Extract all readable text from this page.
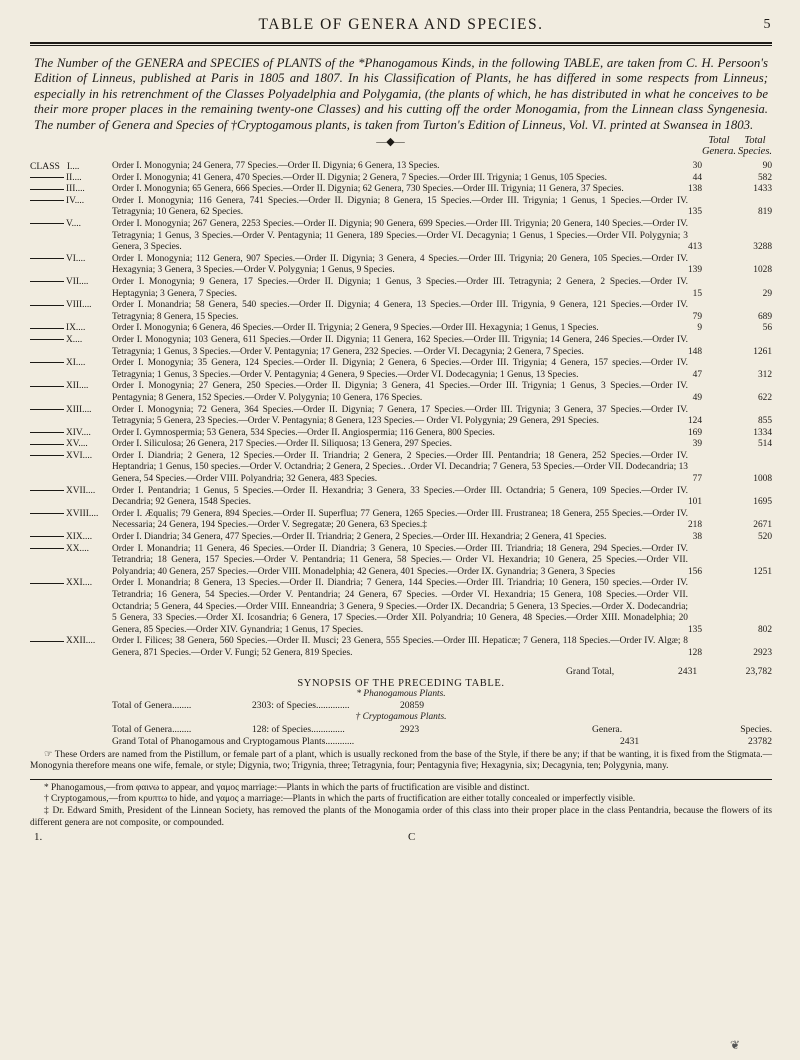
TABLE OF GENERA AND SPECIES.	5
The Number of the GENERA and SPECIES of PLANTS of the *Phanogamous Kinds, in the following TABLE, are taken from C. H. Persoon's Edition of Linneus, published at Paris in 1805 and 1807. In his Classification of Plants, he has differed in some respects from Linneus; especially in his retrenchment of the Classes Polyadelphia and Polygamia, (the plants of which, he has distributed in what he conceives to be their more proper places in the remaining twenty-one Classes) and his cutting off the order Monogamia, from the Linnean class Syngenesia. The number of Genera and Species of †Cryptogamous plants, is taken from Turton's Edition of Linneus, Vol. VI. printed at Swansea in 1803.
—◆—	Total
Genera.
Total
Species.
CLASS I....	Order I. Monogynia; 24 Genera, 77 Species.—Order II. Digynia; 6 Genera, 13 Species.	30	90
II....	Order I. Monogynia; 41 Genera, 470 Species.—Order II. Digynia; 2 Genera, 7 Species.—Order III. Trigynia; 1 Genus, 105 Species.	44	582
III....	Order I. Monogynia; 65 Genera, 666 Species.—Order II. Digynia; 62 Genera, 730 Species.—Order III. Trigynia; 11 Genera, 37 Species.	138	1433
IV....	Order I. Monogynia; 116 Genera, 741 Species.—Order II. Digynia; 8 Genera, 15 Species.—Order III. Trigynia; 1 Genus, 1 Species.—Order IV. Tetragynia; 10 Genera, 62 Species.	135	819
V....	Order I. Monogynia; 267 Genera, 2253 Species.—Order II. Digynia; 90 Genera, 699 Species.—Order III. Trigynia; 20 Genera, 140 Species.—Order IV. Tetragynia; 1 Genus, 3 Species.—Order V. Pentagynia; 11 Genera, 189 Species.—Order VI. Decagynia; 1 Genus, 1 Species.—Order VII. Polygynia; 3 Genera, 3 Species.	413	3288
VI....	Order I. Monogynia; 112 Genera, 907 Species.—Order II. Digynia; 3 Genera, 4 Species.—Order III. Trigynia; 20 Genera, 105 Species.—Order IV. Hexagynia; 3 Genera, 3 Species.—Order V. Polygynia; 1 Genus, 9 Species.	139	1028
VII....	Order I. Monogynia; 9 Genera, 17 Species.—Order II. Digynia; 1 Genus, 3 Species.—Order III. Tetragynia; 2 Genera, 2 Species.—Order IV. Heptagynia; 3 Genera, 7 Species.	15	29
VIII....	Order I. Monandria; 58 Genera, 540 species.—Order II. Digynia; 4 Genera, 13 Species.—Order III. Trigynia, 9 Genera, 121 Species.—Order IV. Tetragynia; 8 Genera, 15 Species.	79	689
IX....	Order I. Monogynia; 6 Genera, 46 Species.—Order II. Trigynia; 2 Genera, 9 Species.—Order III. Hexagynia; 1 Genus, 1 Species.	9	56
X....	Order I. Monogynia; 103 Genera, 611 Species.—Order II. Digynia; 11 Genera, 162 Species.—Order III. Trigynia; 14 Genera, 246 Species.—Order IV. Tetragynia; 1 Genus, 3 Species.—Order V. Pentagynia; 17 Genera, 232 Species. —Order VI. Decagynia; 2 Genera, 7 Species.	148	1261
XI....	Order I. Monogynia; 35 Genera, 124 Species.—Order II. Digynia; 2 Genera, 6 Species.—Order III. Trigynia; 4 Genera, 157 species.—Order IV. Tetragynia; 1 Genus, 3 Species.—Order V. Pentagynia; 4 Genera, 9 Species.—Order VI. Dodecagynia; 1 Genus, 13 Species.	47	312
XII....	Order I. Monogynia; 27 Genera, 250 Species.—Order II. Digynia; 3 Genera, 41 Species.—Order III. Trigynia; 1 Genus, 3 Species.—Order IV. Pentagynia; 8 Genera, 152 Species.—Order V. Polygynia; 10 Genera, 176 Species.	49	622
XIII....	Order I. Monogynia; 72 Genera, 364 Species.—Order II. Digynia; 7 Genera, 17 Species.—Order III. Trigynia; 3 Genera, 37 Species.—Order IV. Tetragynia; 5 Genera, 23 Species.—Order V. Pentagynia; 8 Genera, 123 Species.— Order VI. Polygynia; 29 Genera, 291 Species.	124	855
XIV....	Order I. Gymnospermia; 53 Genera, 534 Species.—Order II. Angiospermia; 116 Genera, 800 Species.	169	1334
XV....	Order I. Siliculosa; 26 Genera, 217 Species.—Order II. Siliquosa; 13 Genera, 297 Species.	39	514
XVI....	Order I. Diandria; 2 Genera, 12 Species.—Order II. Triandria; 2 Genera, 2 Species.—Order III. Pentandria; 18 Genera, 252 Species.—Order IV. Heptandria; 1 Genus, 150 species.—Order V. Octandria; 2 Genera, 2 Species.. .Order VI. Decandria; 7 Genera, 53 Species.—Order VII. Dodecandria; 13 Genera, 54 Species.—Order VIII. Polyandria; 32 Genera, 483 Species.	77	1008
XVII....	Order I. Pentandria; 1 Genus, 5 Species.—Order II. Hexandria; 3 Genera, 33 Species.—Order III. Octandria; 5 Genera, 109 Species.—Order IV. Decandria; 92 Genera, 1548 Species.	101	1695
XVIII....	Order I. Æqualis; 79 Genera, 894 Species.—Order II. Superflua; 77 Genera, 1265 Species.—Order III. Frustranea; 18 Genera, 255 Species.—Order IV. Necessaria; 24 Genera, 194 Species.—Order V. Segregatæ; 20 Genera, 63 Species.‡	218	2671
XIX....	Order I. Diandria; 34 Genera, 477 Species.—Order II. Triandria; 2 Genera, 2 Species.—Order III. Hexandria; 2 Genera, 41 Species.	38	520
XX....	Order I. Monandria; 11 Genera, 46 Species.—Order II. Diandria; 3 Genera, 10 Species.—Order III. Triandria; 18 Genera, 294 Species.—Order IV. Tetrandria; 18 Genera, 157 Species.—Order V. Pentandria; 11 Genera, 58 Species.— Order VI. Hexandria; 10 Genera, 25 Species.—Order VII. Polyandria; 40 Genera, 257 Species.—Order VIII. Monadelphia; 42 Genera, 401 Species.—Order IX. Gynandria; 3 Genera, 3 Species	156	1251
XXI....	Order I. Monandria; 8 Genera, 13 Species.—Order II. Diandria; 7 Genera, 144 Species.—Order III. Triandria; 10 Genera, 150 species.—Order IV. Tetrandria; 16 Genera, 54 Species.—Order V. Pentandria; 24 Genera, 67 Species. —Order VI. Hexandria; 15 Genera, 108 Species.—Order VII. Octandria; 5 Genera, 44 Species.—Order VIII. Enneandria; 3 Genera, 9 Species.—Order IX. Decandria; 5 Genera, 13 Species.—Order X. Dodecandria; 5 Genera, 33 Species.—Order XI. Icosandria; 6 Genera, 17 Species.—Order XII. Polyandria; 10 Genera, 48 Species.—Order XIII. Monadelphia; 20 Genera, 85 Species.—Order XIV. Gynandria; 1 Genus, 17 Species.	135	802
XXII....	Order I. Filices; 38 Genera, 560 Species.—Order II. Musci; 23 Genera, 555 Species.—Order III. Hepaticæ; 7 Genera, 118 Species.—Order IV. Algæ; 8 Genera, 871 Species.—Order V. Fungi; 52 Genera, 819 Species.	128	2923
Grand Total,	2431	23,782
SYNOPSIS OF THE PRECEDING TABLE.
* Phanogamous Plants.
Total of Genera........	2303: of Species..............	20859
† Cryptogamous Plants.
Total of Genera........	128: of Species..............	2923	Genera.	Species.
Grand Total of Phanogamous and Cryptogamous Plants............	2431	23782
☞ These Orders are named from the Pistillum, or female part of a plant, which is usually reckoned from the base of the Style, if there be any; if that be wanting, it is fixed from the Stigmata.—Monogynia therefore means one wife, female, or style; Digynia, two; Trigynia, three; Tetragynia, four; Pentagynia five; Hexagynia, six; Decagynia, ten; Polygynia, many.
* Phanogamous,—from φαινω to appear, and γαμος marriage:—Plants in which the parts of fructification are visible and distinct.
† Cryptogamous,—from κρυπτω to hide, and γαμος a marriage:—Plants in which the parts of fructification are either totally concealed or imperfectly visible.
‡ Dr. Edward Smith, President of the Linnean Society, has removed the plants of the Monogamia order of this class into their proper place in the class Pentandria, because the flowers of its different genera are not composite, or compounded.
1.	C
❦
